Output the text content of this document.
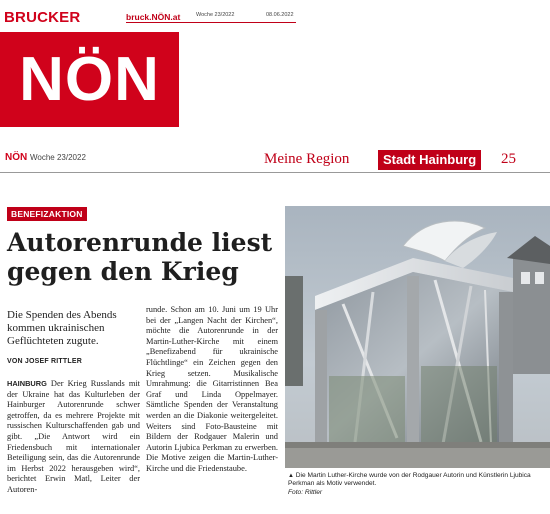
BRUCKER	bruck.NÖN.at	Woche 23/2022	08.06.2022
NÖN
NÖN Woche 23/2022	Meine Region	Stadt Hainburg	25
BENEFIZAKTION
Autorenrunde liest
gegen den Krieg
Die Spenden des Abends kommen ukrainischen Geflüchteten zugute.
VON JOSEF RITTLER
HAINBURG Der Krieg Russlands mit der Ukraine hat das Kulturleben der Hainburger Autorenrunde schwer getroffen, da es mehrere Projekte mit russischen Kulturschaffenden gab und gibt. „Die Antwort wird ein Friedensbuch mit internationaler Beteiligung sein, das die Autorenrunde im Herbst 2022 herausgeben wird“, berichtet Erwin Matl, Leiter der Autoren-
runde. Schon am 10. Juni um 19 Uhr bei der „Langen Nacht der Kirchen“, möchte die Autorenrunde in der Martin-Luther-Kirche mit einem „Benefizabend für ukrainische Flüchtlinge“ ein Zeichen gegen den Krieg setzen. Musikalische Umrahmung: die Gitarristinnen Bea Graf und Linda Oppelmayer. Sämtliche Spenden der Veranstaltung werden an die Diakonie weitergeleitet. Weiters sind Foto-Bausteine mit Bildern der Rodgauer Malerin und Autorin Ljubica Perkman zu erwerben. Die Motive zeigen die Martin-Luther-Kirche und die Friedenstaube.
▲ Die Martin Luther-Kirche wurde von der Rodgauer Autorin und Künstlerin Ljubica Perkman als Motiv verwendet.
Foto: Rittler
